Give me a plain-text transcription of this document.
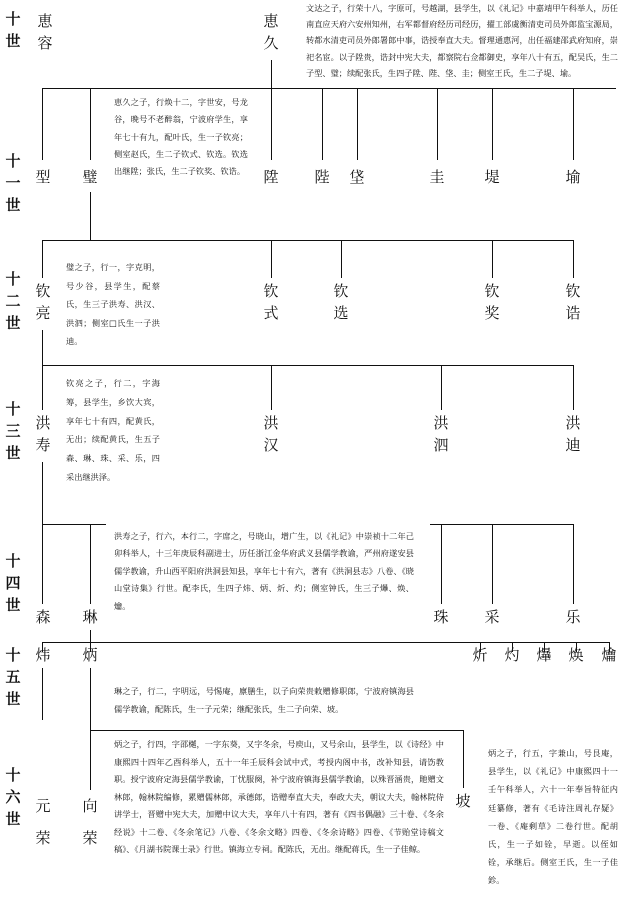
十世
十一世
十二世
十三世
十四世
十五世
十六世
恵容
恵久
文达之子，行荣十八，字原可，号越湖，县学生，以《礼记》中嘉靖甲午科举人，历任南直应天府六安州知州，右军都督府经历司经历，擢工部虞衡清吏司员外郎监宝源局，转都水清吏司员外郎署郎中事，诰授奉直大夫。督理通惠河，出任福建邵武府知府，崇祀名宦。以子陞贵，诰封中宪大夫，都察院右佥都御史，享年八十有五，配吴氏，生二子型、璧；续配张氏，生四子陞、陛、垡、圭；侧室王氏，生二子堤、堬。
型 璧
恵久之子，行焕十二，字世安，号龙谷，晚号不老醉翁，宁波府学生，享年七十有九，配叶氏，生一子钦亮；侧室赵氏，生二子钦式、钦选。钦选出继陞；张氏，生二子钦奖、钦诰。 陞 陛 垡	圭	堤	堬
钦亮
璧之子，行一，字克明，号少谷，县学生，配蔡氏，生三子洪寿、洪汉、洪泗；侧室□氏生一子洪迪。
钦式
钦选
钦奖
钦诰
洪寿
钦亮之子，行二，字海筹，县学生，乡饮大宾，享年七十有四，配黄氏，无出；续配黄氏，生五子森、琳、珠、采、乐，四采出继洪泽。
洪汉
洪泗
洪迪
森 琳
洪寿之子，行六，本行二，字席之，号晓山，增广生，以《礼记》中崇祯十二年己卯科举人，十三年庚辰科副进士，历任浙江金华府武义县儒学教谕，严州府遂安县儒学教谕，升山西平阳府洪洞县知县，享年七十有六，著有《洪洞县志》八卷、《晓山堂诗集》行世。配李氏，生四子炜、炳、炘、灼；侧室钟氏，生三子爗、焕、爚。
珠 采	乐
炜 炳	炘 灼 爗 焕 爚
琳之子，行二，字明远，号惕庵，廪膳生，以子向荣贵敕赠修职郎，宁波府镇海县儒学教谕，配陈氏，生一子元荣；继配张氏，生二子向荣、坡。
元荣
向荣
炳之子，行四，字邵樾，一字东葵，又字冬余，号庾山，又号余山，县学生，以《诗经》中康熙四十四年乙酉科举人，五十一年壬辰科会试中式，考授内阁中书，改补知县，请饬教职。授宁波府定海县儒学教谕，丁忧服阕，补宁波府镇海县儒学教谕，以殊晋涵贵，貤赠文林郎，翰林院编修，累赠儒林郎，承德郎，诰赠奉直大夫，奉政大夫，朝议大夫，翰林院侍讲学士，晋赠中宪大夫，加赠中议大夫，享年八十有四，著有《四书偶融》三十卷、《冬余经说》十二卷、《冬余笔记》八卷、《冬余文略》四卷、《冬余诗略》四卷、《节贻堂诗稿文稿》、《月湖书院课士录》行世。镇海立专祠。配陈氏，无出。继配蒋氏，生一子佳鲸。
坡
炳之子，行五，字兼山，号艮庵，县学生，以《礼记》中康熙四十一壬午科举人，六十一年奉旨特征内廷纂修，著有《毛诗注周礼存疑》一卷、《庵剩草》二卷行世。配胡氏，生一子如铨，早逝。以侄如铨，承继后。侧室王氏，生一子佳鉁。
